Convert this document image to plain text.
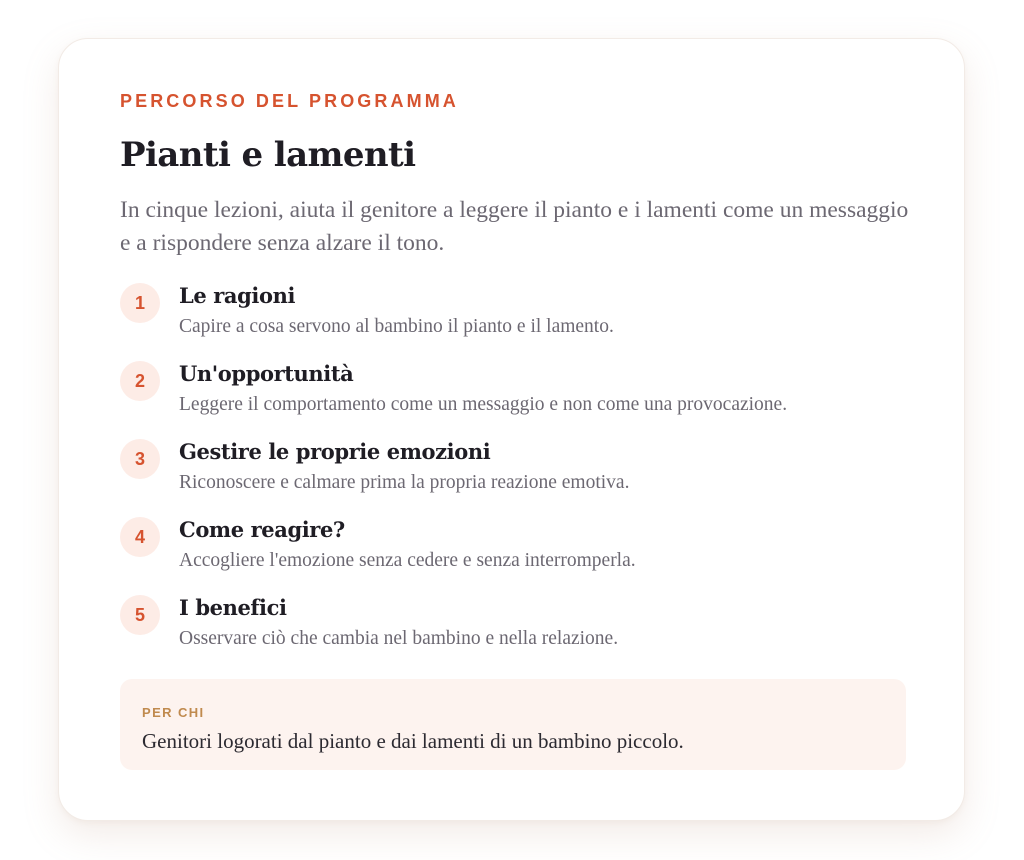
PERCORSO DEL PROGRAMMA
Pianti e lamenti

In cinque lezioni, aiuta il genitore a leggere il pianto e i lamenti come un messaggio e a rispondere senza alzare il tono.

1	Le ragioni
Capire a cosa servono al bambino il pianto e il lamento.
2	Un'opportunità
Leggere il comportamento come un messaggio e non come una provocazione.
3	Gestire le proprie emozioni
Riconoscere e calmare prima la propria reazione emotiva.
4	Come reagire?
Accogliere l'emozione senza cedere e senza interromperla.
5	I benefici
Osservare ciò che cambia nel bambino e nella relazione.
PER CHI
Genitori logorati dal pianto e dai lamenti di un bambino piccolo.
